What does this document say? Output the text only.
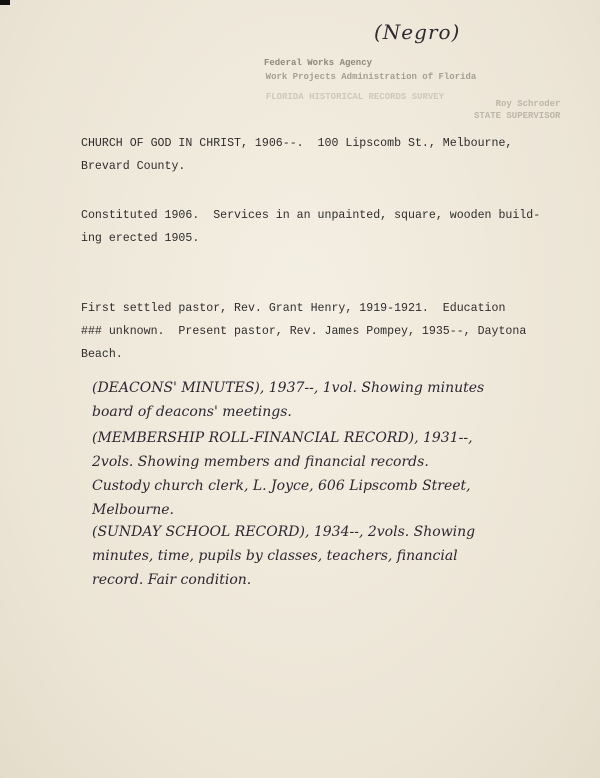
(Negro)
Federal Works Agency
Work Projects Administration of Florida
FLORIDA HISTORICAL RECORDS SURVEY
Roy Schroder
STATE SUPERVISOR
CHURCH OF GOD IN CHRIST, 1906--.  100 Lipscomb St., Melbourne,
Brevard County.
Constituted 1906.  Services in an unpainted, square, wooden build-
ing erected 1905.
First settled pastor, Rev. Grant Henry, 1919-1921.  Education
### unknown.  Present pastor, Rev. James Pompey, 1935--, Daytona
Beach.
(DEACONS' MINUTES), 1937--, 1vol. Showing minutes
board of deacons' meetings.
(MEMBERSHIP ROLL-FINANCIAL RECORD), 1931--,
2vols. Showing members and financial records.
Custody church clerk, L. Joyce, 606 Lipscomb Street,
Melbourne.
(SUNDAY SCHOOL RECORD), 1934--, 2vols. Showing
minutes, time, pupils by classes, teachers, financial
record. Fair condition.
